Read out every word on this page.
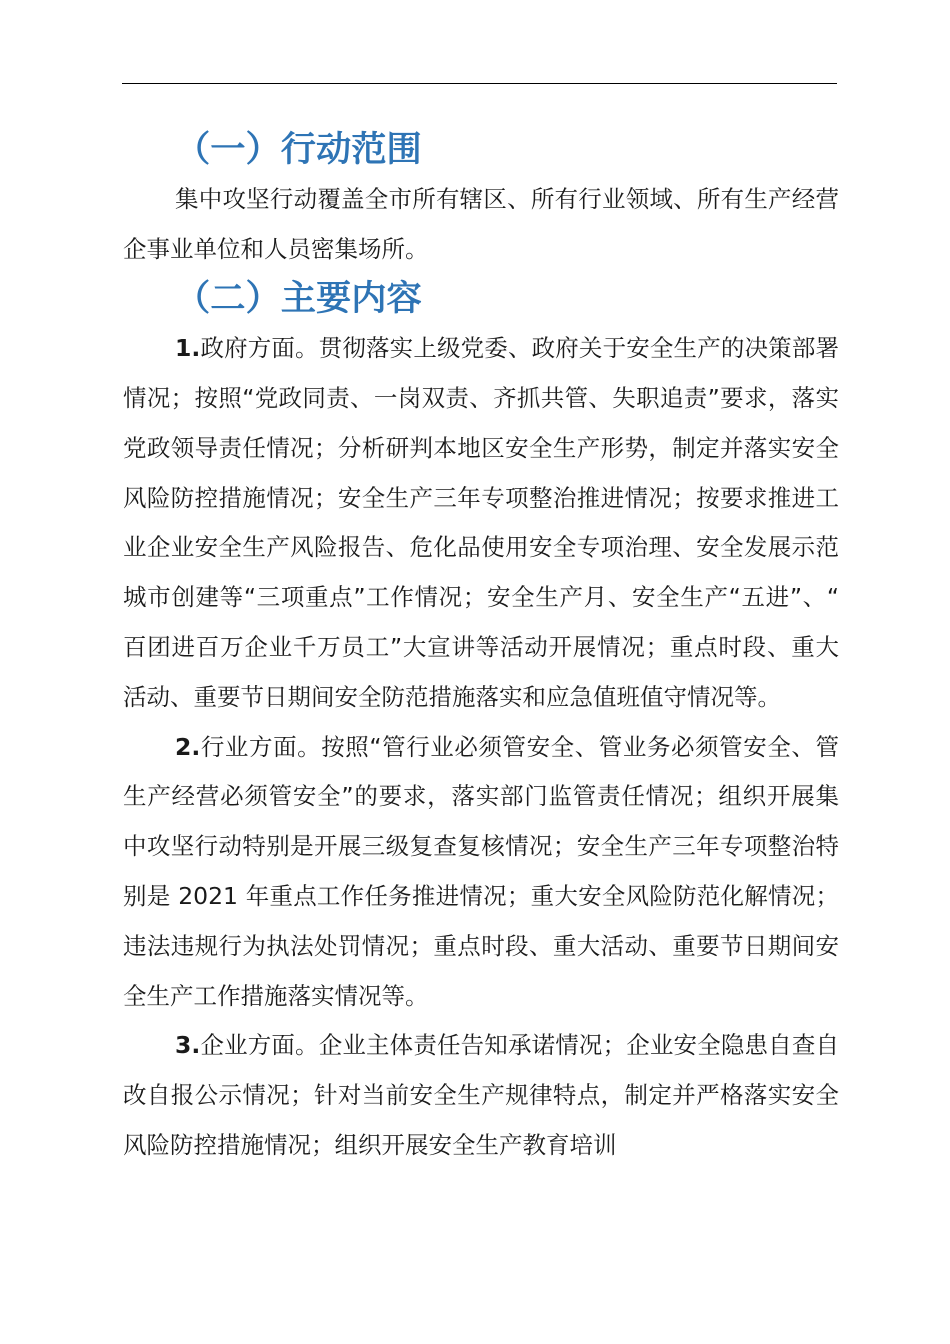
（一）行动范围

集中攻坚行动覆盖全市所有辖区、所有行业领域、所有生产经营企事业单位和人员密集场所。

（二）主要内容

1.政府方面。贯彻落实上级党委、政府关于安全生产的决策部署情况；按照“党政同责、一岗双责、齐抓共管、失职追责”要求，落实党政领导责任情况；分析研判本地区安全生产形势，制定并落实安全风险防控措施情况；安全生产三年专项整治推进情况；按要求推进工业企业安全生产风险报告、危化品使用安全专项治理、安全发展示范城市创建等“三项重点”工作情况；安全生产月、安全生产“五进”、“百团进百万企业千万员工”大宣讲等活动开展情况；重点时段、重大活动、重要节日期间安全防范措施落实和应急值班值守情况等。

2.行业方面。按照“管行业必须管安全、管业务必须管安全、管生产经营必须管安全”的要求，落实部门监管责任情况；组织开展集中攻坚行动特别是开展三级复查复核情况；安全生产三年专项整治特别是 2021 年重点工作任务推进情况；重大安全风险防范化解情况；违法违规行为执法处罚情况；重点时段、重大活动、重要节日期间安全生产工作措施落实情况等。

3.企业方面。企业主体责任告知承诺情况；企业安全隐患自查自改自报公示情况；针对当前安全生产规律特点，制定并严格落实安全风险防控措施情况；组织开展安全生产教育培训
